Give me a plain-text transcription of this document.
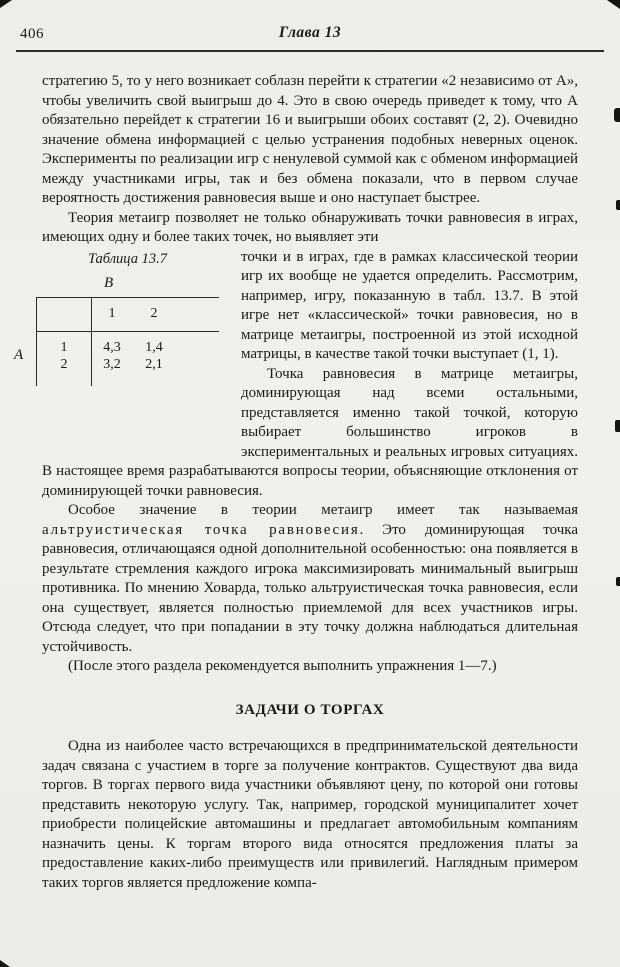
406	Глава 13

стратегию 5, то у него возникает соблазн перейти к стратегии «2 независимо от A», чтобы увеличить свой выигрыш до 4. Это в свою очередь приведет к тому, что A обязательно перейдет к стратегии 16 и выигрыши обоих составят (2, 2). Очевидно значение обмена информацией с целью устранения подобных неверных оценок. Эксперименты по реализации игр с ненулевой суммой как с обменом информацией между участниками игры, так и без обмена показали, что в первом случае вероятность достижения равновесия выше и оно наступает быстрее.

Теория метаигр позволяет не только обнаруживать точки равновесия в играх, имеющих одну и более таких точек, но выявляет эти

Таблица 13.7
B
1	2
1	4,3	1,4
2	3,2	2,1
A

точки и в играх, где в рамках классической теории игр их вообще не удается определить. Рассмотрим, например, игру, показанную в табл. 13.7. В этой игре нет «классической» точки равновесия, но в матрице метаигры, построенной из этой исходной матрицы, в качестве такой точки выступает (1, 1).

Точка равновесия в матрице метаигры, доминирующая над всеми остальными, представляется именно такой точкой, которую выбирает большинство игроков в экспериментальных и реальных игровых ситуациях. В настоящее время разрабатываются вопросы теории, объясняющие отклонения от доминирующей точки равновесия.

Особое значение в теории метаигр имеет так называемая альтруистическая точка равновесия. Это доминирующая точка равновесия, отличающаяся одной дополнительной особенностью: она появляется в результате стремления каждого игрока максимизировать минимальный выигрыш противника. По мнению Ховарда, только альтруистическая точка равновесия, если она существует, является полностью приемлемой для всех участников игры. Отсюда следует, что при попадании в эту точку должна наблюдаться длительная устойчивость.

(После этого раздела рекомендуется выполнить упражнения 1—7.)

ЗАДАЧИ О ТОРГАХ

Одна из наиболее часто встречающихся в предпринимательской деятельности задач связана с участием в торге за получение контрактов. Существуют два вида торгов. В торгах первого вида участники объявляют цену, по которой они готовы представить некоторую услугу. Так, например, городской муниципалитет хочет приобрести полицейские автомашины и предлагает автомобильным компаниям назначить цены. К торгам второго вида относятся предложения платы за предоставление каких-либо преимуществ или привилегий. Наглядным примером таких торгов является предложение компа-
